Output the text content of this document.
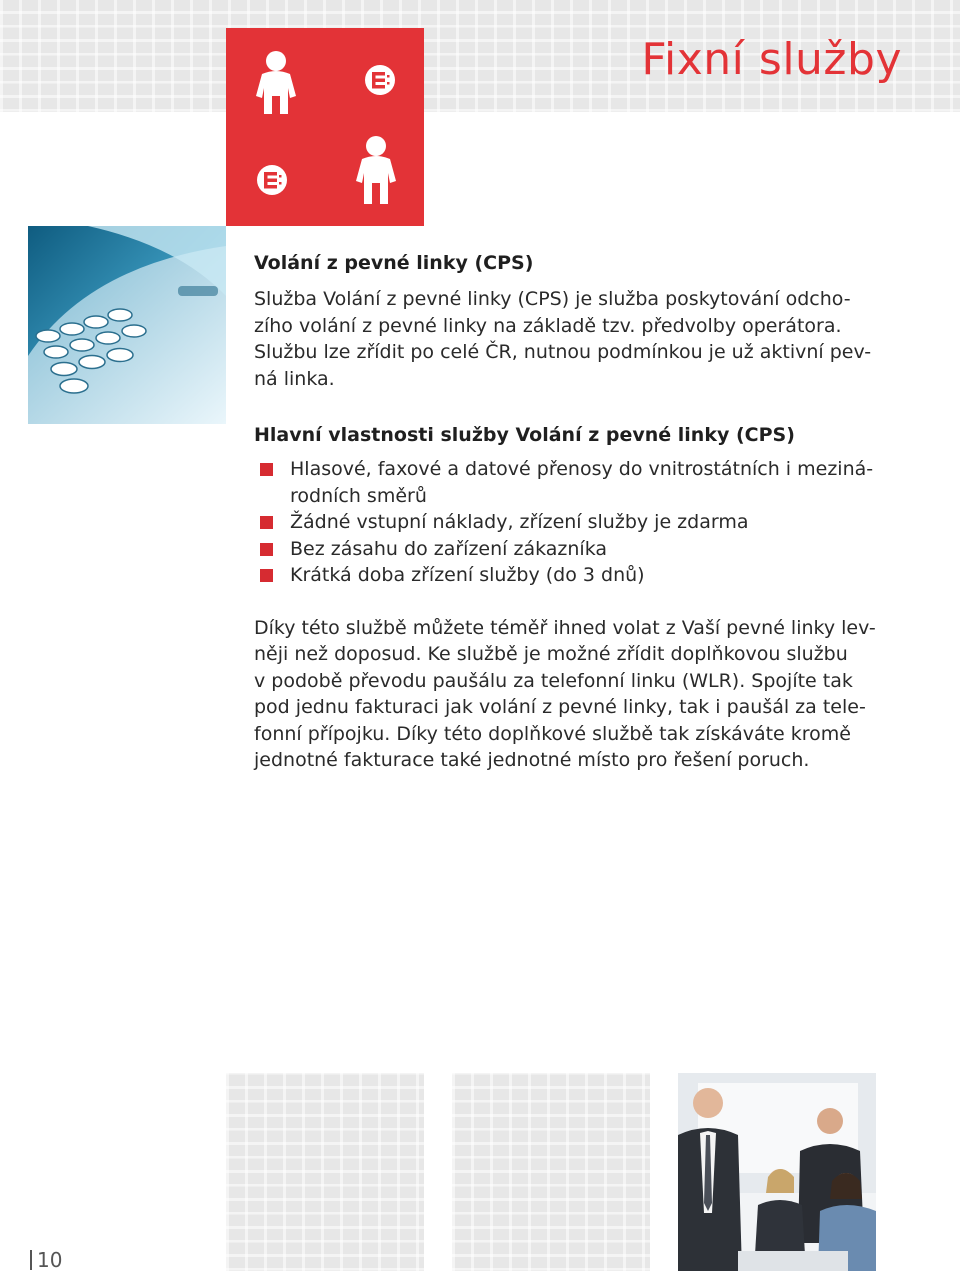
Fixní služby

Volání z pevné linky (CPS)

Služba Volání z pevné linky (CPS) je služba poskytování odcho-
zího volání z pevné linky na základě tzv. předvolby operátora.
Službu lze zřídit po celé ČR, nutnou podmínkou je už aktivní pev-
ná linka.

Hlavní vlastnosti služby Volání z pevné linky (CPS)

Hlasové, faxové a datové přenosy do vnitrostátních i meziná-
rodních směrů
Žádné vstupní náklady, zřízení služby je zdarma
Bez zásahu do zařízení zákazníka
Krátká doba zřízení služby (do 3 dnů)

Díky této službě můžete téměř ihned volat z Vaší pevné linky lev-
něji než doposud. Ke službě je možné zřídit doplňkovou službu
v podobě převodu paušálu za telefonní linku (WLR). Spojíte tak
pod jednu fakturaci jak volání z pevné linky, tak i paušál za tele-
fonní přípojku. Díky této doplňkové službě tak získáváte kromě
jednotné fakturace také jednotné místo pro řešení poruch.

10
